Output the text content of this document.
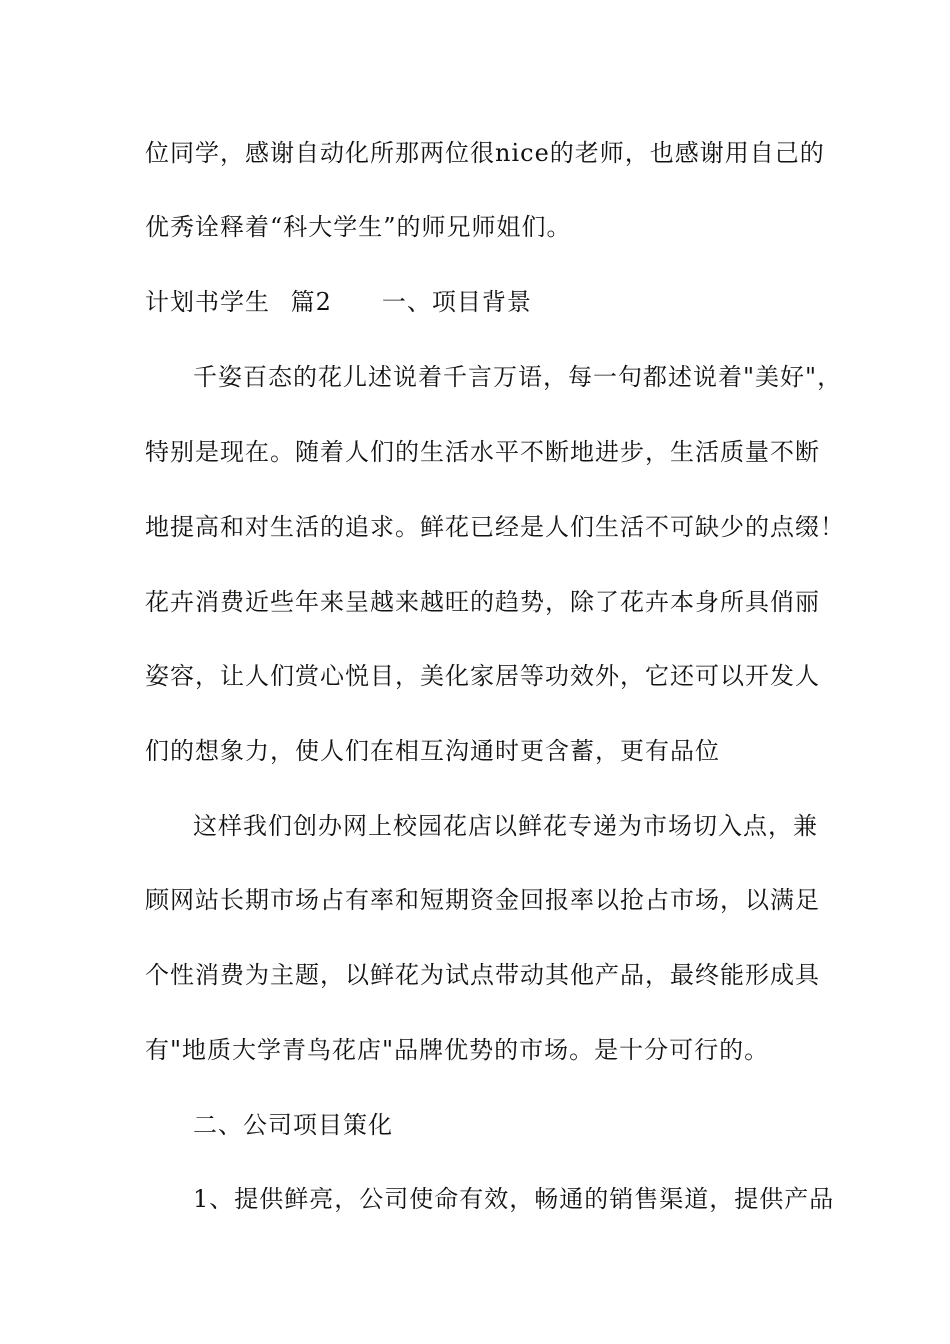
位同学，感谢自动化所那两位很nice的老师，也感谢用自己的
优秀诠释着“科大学生”的师兄师姐们。
计划书学生 篇2 一、项目背景
千姿百态的花儿述说着千言万语，每一句都述说着"美好"，
特别是现在。随着人们的生活水平不断地进步，生活质量不断
地提高和对生活的追求。鲜花已经是人们生活不可缺少的点缀！
花卉消费近些年来呈越来越旺的趋势，除了花卉本身所具俏丽
姿容，让人们赏心悦目，美化家居等功效外，它还可以开发人
们的想象力，使人们在相互沟通时更含蓄，更有品位
这样我们创办网上校园花店以鲜花专递为市场切入点，兼
顾网站长期市场占有率和短期资金回报率以抢占市场，以满足
个性消费为主题，以鲜花为试点带动其他产品，最终能形成具
有"地质大学青鸟花店"品牌优势的市场。是十分可行的。
二、公司项目策化
1、提供鲜亮，公司使命有效，畅通的销售渠道，提供产品
